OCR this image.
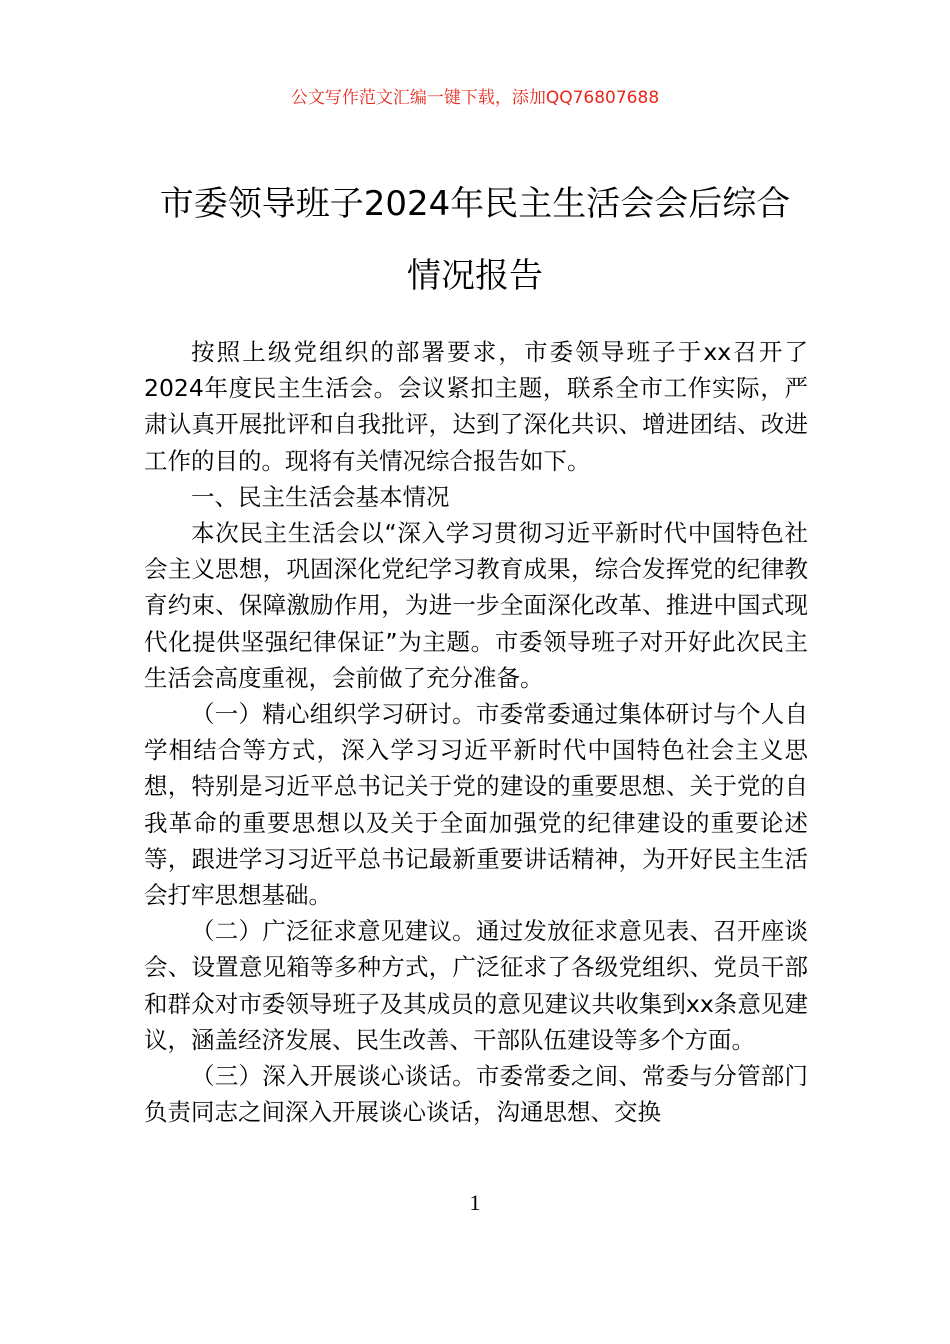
公文写作范文汇编一键下载，添加QQ76807688
市委领导班子2024年民主生活会会后综合
情况报告

按照上级党组织的部署要求，市委领导班子于xx召开了2024年度民主生活会。会议紧扣主题，联系全市工作实际，严肃认真开展批评和自我批评，达到了深化共识、增进团结、改进工作的目的。现将有关情况综合报告如下。

一、民主生活会基本情况

本次民主生活会以“深入学习贯彻习近平新时代中国特色社会主义思想，巩固深化党纪学习教育成果，综合发挥党的纪律教育约束、保障激励作用，为进一步全面深化改革、推进中国式现代化提供坚强纪律保证”为主题。市委领导班子对开好此次民主生活会高度重视，会前做了充分准备。

（一）精心组织学习研讨。市委常委通过集体研讨与个人自学相结合等方式，深入学习习近平新时代中国特色社会主义思想，特别是习近平总书记关于党的建设的重要思想、关于党的自我革命的重要思想以及关于全面加强党的纪律建设的重要论述等，跟进学习习近平总书记最新重要讲话精神，为开好民主生活会打牢思想基础。

（二）广泛征求意见建议。通过发放征求意见表、召开座谈会、设置意见箱等多种方式，广泛征求了各级党组织、党员干部和群众对市委领导班子及其成员的意见建议共收集到xx条意见建议，涵盖经济发展、民生改善、干部队伍建设等多个方面。

（三）深入开展谈心谈话。市委常委之间、常委与分管部门负责同志之间深入开展谈心谈话，沟通思想、交换

1
